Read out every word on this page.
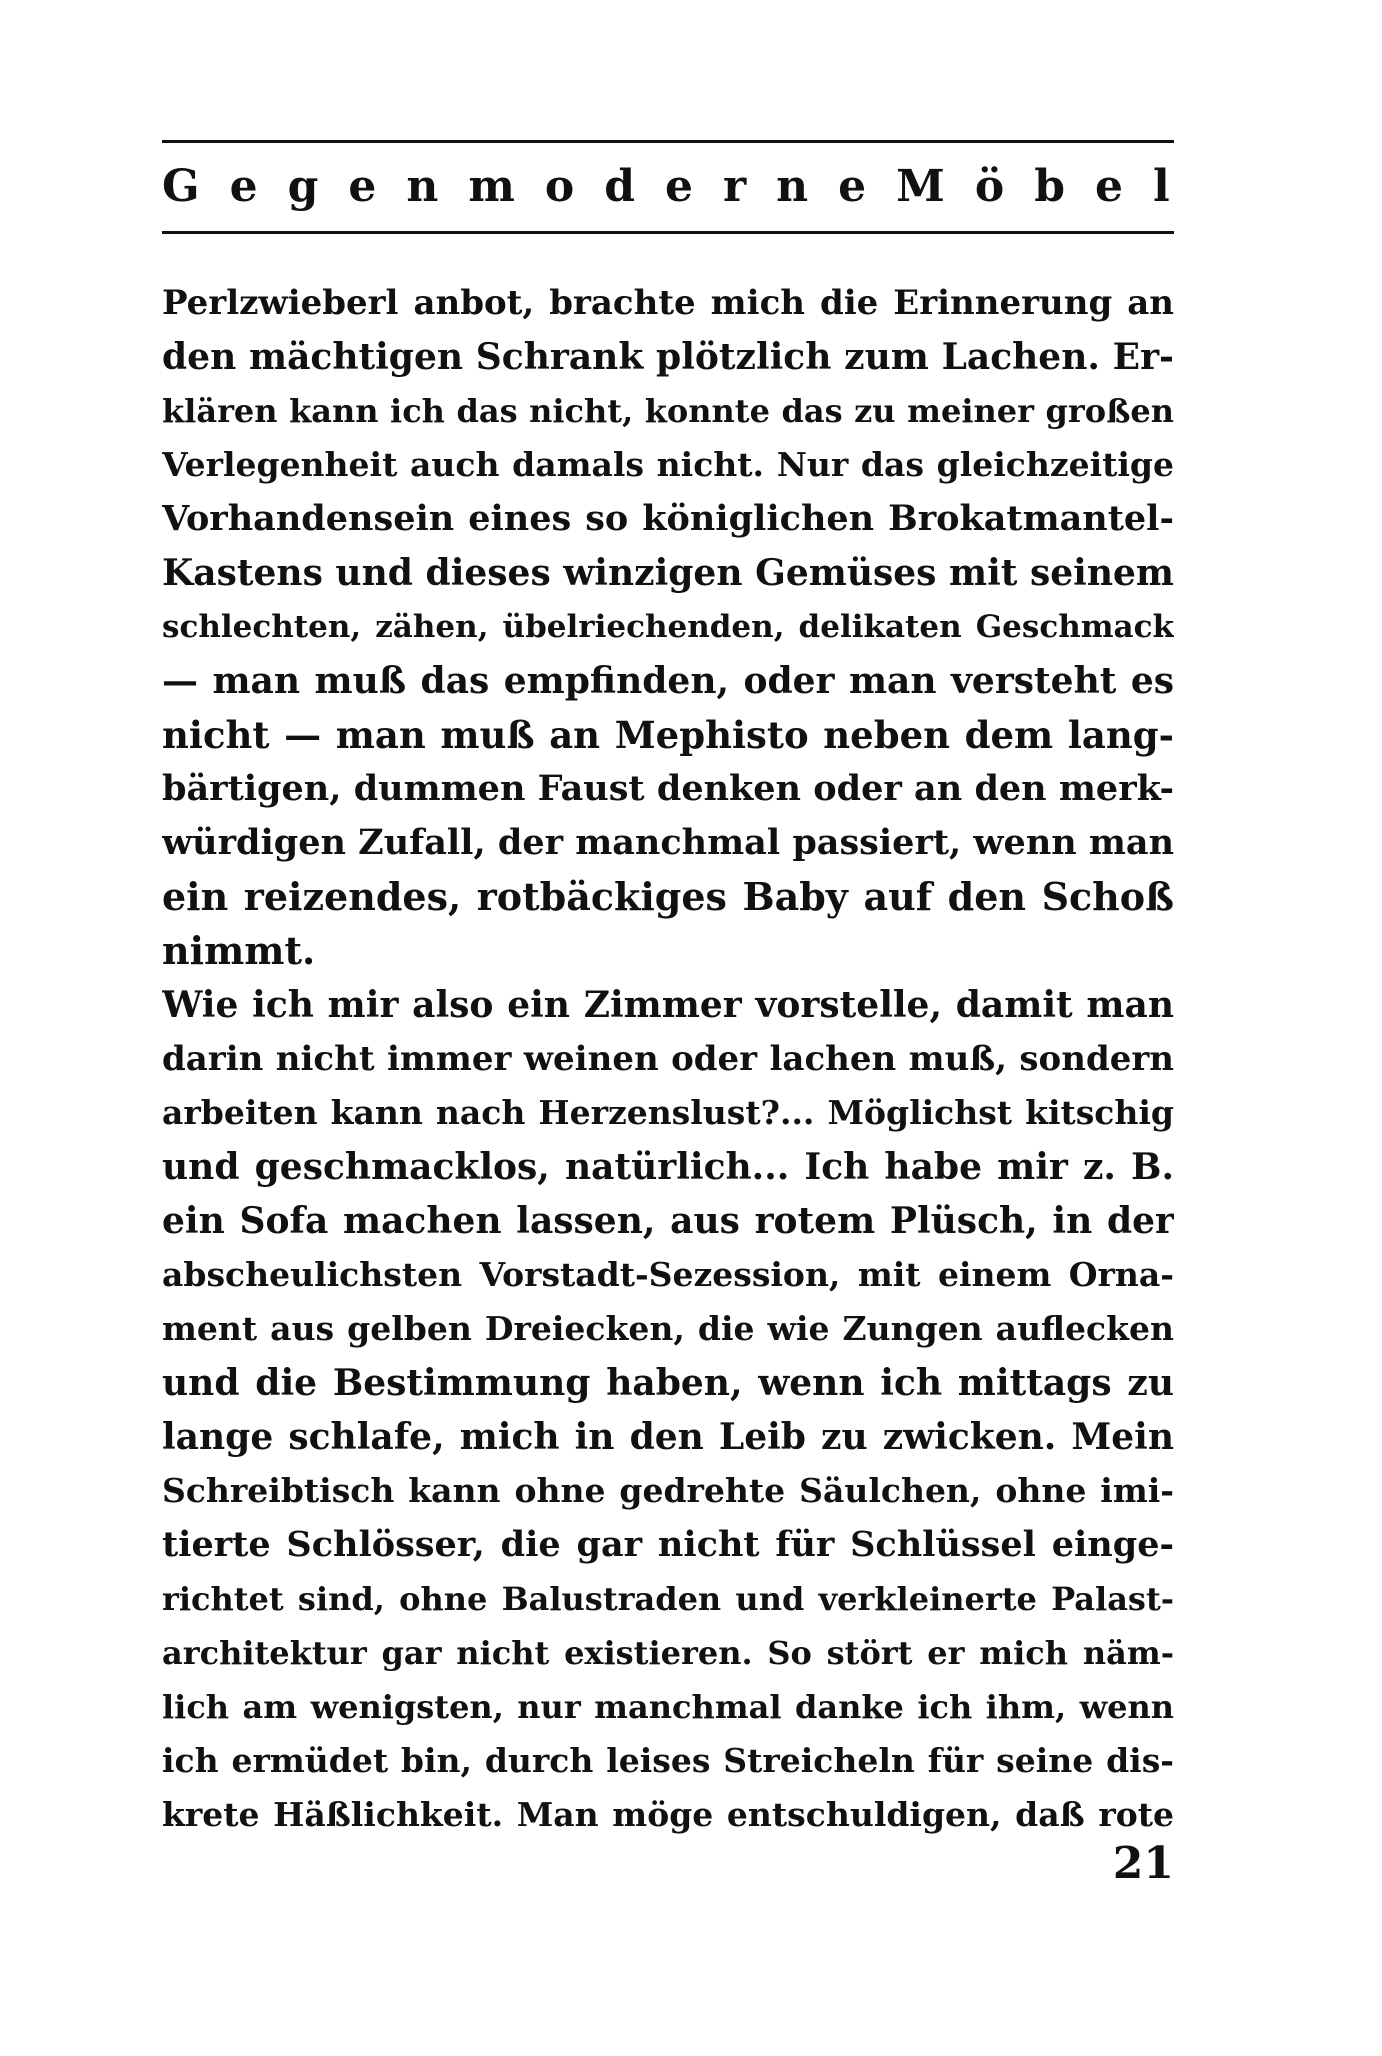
Gegen moderne Möbel
Perlzwieberl anbot, brachte mich die Erinnerung an
den mächtigen Schrank plötzlich zum Lachen. Er-
klären kann ich das nicht, konnte das zu meiner großen
Verlegenheit auch damals nicht. Nur das gleichzeitige
Vorhandensein eines so königlichen Brokatmantel-
Kastens und dieses winzigen Gemüses mit seinem
schlechten, zähen, übelriechenden, delikaten Geschmack
— man muß das empfinden, oder man versteht es
nicht — man muß an Mephisto neben dem lang-
bärtigen, dummen Faust denken oder an den merk-
würdigen Zufall, der manchmal passiert, wenn man
ein reizendes, rotbäckiges Baby auf den Schoß
nimmt.
Wie ich mir also ein Zimmer vorstelle, damit man
darin nicht immer weinen oder lachen muß, sondern
arbeiten kann nach Herzenslust?... Möglichst kitschig
und geschmacklos, natürlich... Ich habe mir z. B.
ein Sofa machen lassen, aus rotem Plüsch, in der
abscheulichsten Vorstadt-Sezession, mit einem Orna-
ment aus gelben Dreiecken, die wie Zungen auflecken
und die Bestimmung haben, wenn ich mittags zu
lange schlafe, mich in den Leib zu zwicken. Mein
Schreibtisch kann ohne gedrehte Säulchen, ohne imi-
tierte Schlösser, die gar nicht für Schlüssel einge-
richtet sind, ohne Balustraden und verkleinerte Palast-
architektur gar nicht existieren. So stört er mich näm-
lich am wenigsten, nur manchmal danke ich ihm, wenn
ich ermüdet bin, durch leises Streicheln für seine dis-
krete Häßlichkeit. Man möge entschuldigen, daß rote
21
